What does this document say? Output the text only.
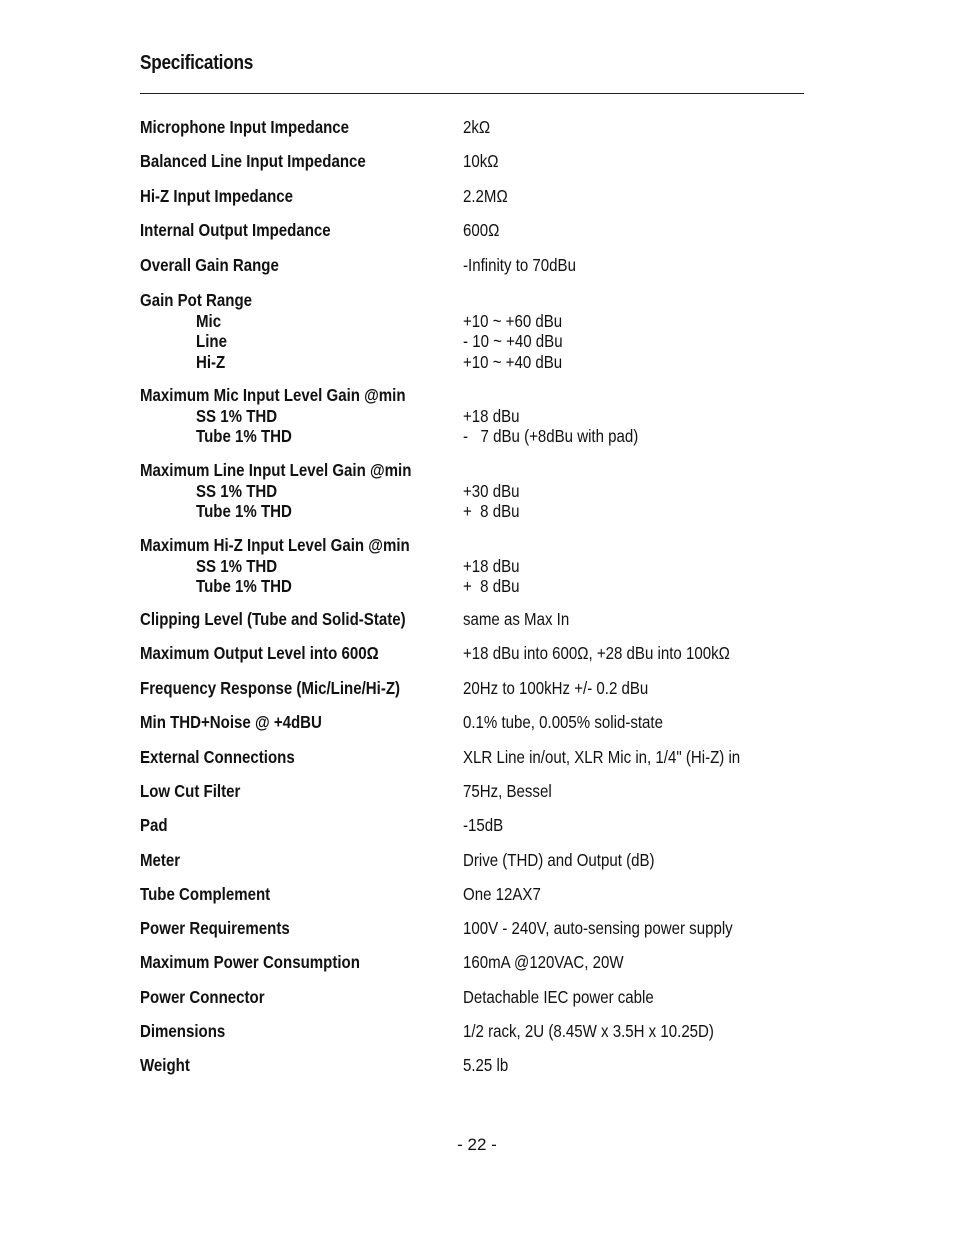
Specifications
Microphone Input Impedance	2kΩ
Balanced Line Input Impedance	10kΩ
Hi-Z Input Impedance	2.2MΩ
Internal Output Impedance	600Ω
Overall Gain Range	-Infinity to 70dBu
Gain Pot Range
Mic	+10 ~ +60 dBu
Line	- 10 ~ +40 dBu
Hi-Z	+10 ~ +40 dBu
Maximum Mic Input Level Gain @min
SS 1% THD	+18 dBu
Tube 1% THD	-   7 dBu (+8dBu with pad)
Maximum Line Input Level Gain @min
SS 1% THD	+30 dBu
Tube 1% THD	+  8 dBu
Maximum Hi-Z Input Level Gain @min
SS 1% THD	+18 dBu
Tube 1% THD	+  8 dBu
Clipping Level (Tube and Solid-State)	same as Max In
Maximum Output Level into 600Ω	+18 dBu into 600Ω, +28 dBu into 100kΩ
Frequency Response (Mic/Line/Hi-Z)	20Hz to 100kHz +/- 0.2 dBu
Min THD+Noise @ +4dBU	0.1% tube, 0.005% solid-state
External Connections	XLR Line in/out, XLR Mic in, 1/4" (Hi-Z) in
Low Cut Filter	75Hz, Bessel
Pad	-15dB
Meter	Drive (THD) and Output (dB)
Tube Complement	One 12AX7
Power Requirements	100V - 240V, auto-sensing power supply
Maximum Power Consumption	160mA @120VAC, 20W
Power Connector	Detachable IEC power cable
Dimensions	1/2 rack, 2U (8.45W x 3.5H x 10.25D)
Weight	5.25 lb
- 22 -
